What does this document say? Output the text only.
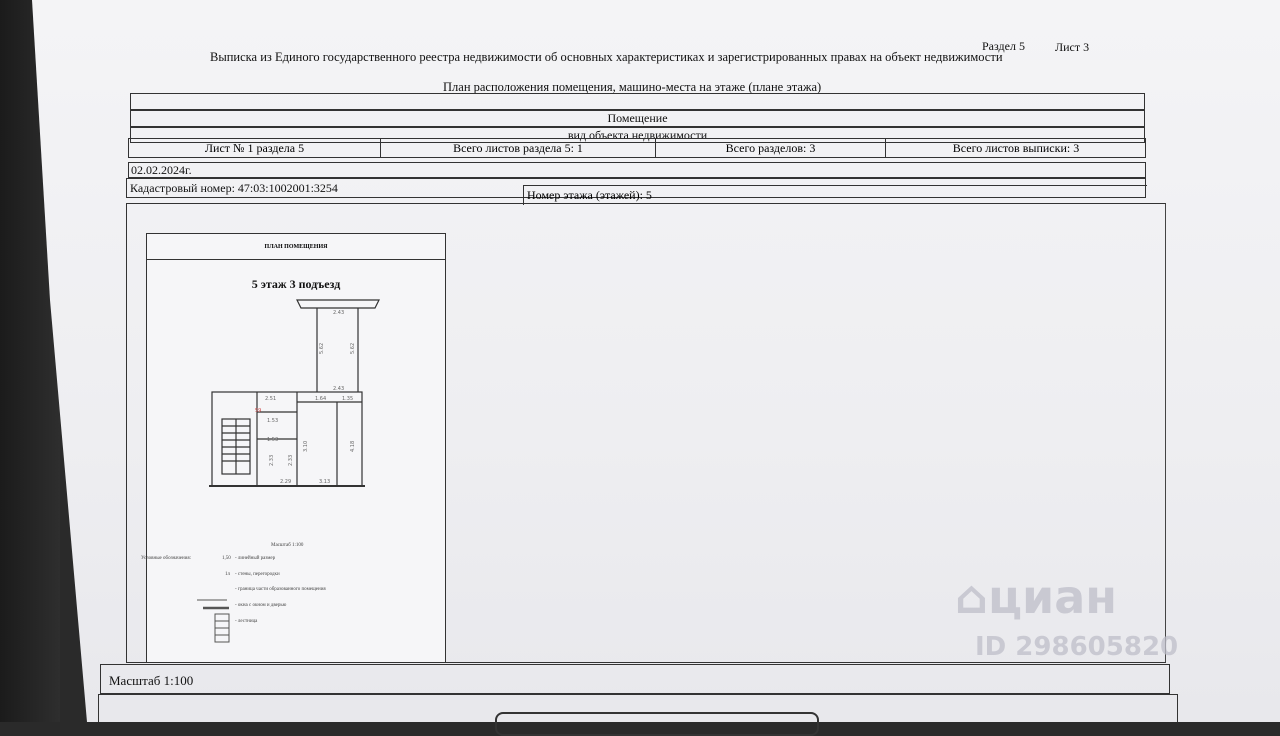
Раздел 5	Лист 3
Выписка из Единого государственного реестра недвижимости об основных характеристиках и зарегистрированных правах на объект недвижимости
План расположения помещения, машино-места на этаже (плане этажа)
Помещение
вид объекта недвижимости
Лист № 1 раздела 5	Всего листов раздела 5: 1	Всего разделов: 3	Всего листов выписки: 3
02.02.2024г.
Кадастровый номер: 47:03:1002001:3254	Номер этажа (этажей): 5
Масштаб 1:100
ПЛАН ПОМЕЩЕНИЯ
5 этаж 3 подъезд
2.43
5.62	5.62
2.43
2.51	1.64	1.35
1.53
1.53
2.29	3.13
4.18
3.10
2.33	2.33
59
Масштаб 1:100
Условные обозначения:	1,50 - линейный размер
1л - стены, перегородки
- граница части образованного помещения
- окна с окном и дверью
- лестница	⌂циан
ID 298605820
